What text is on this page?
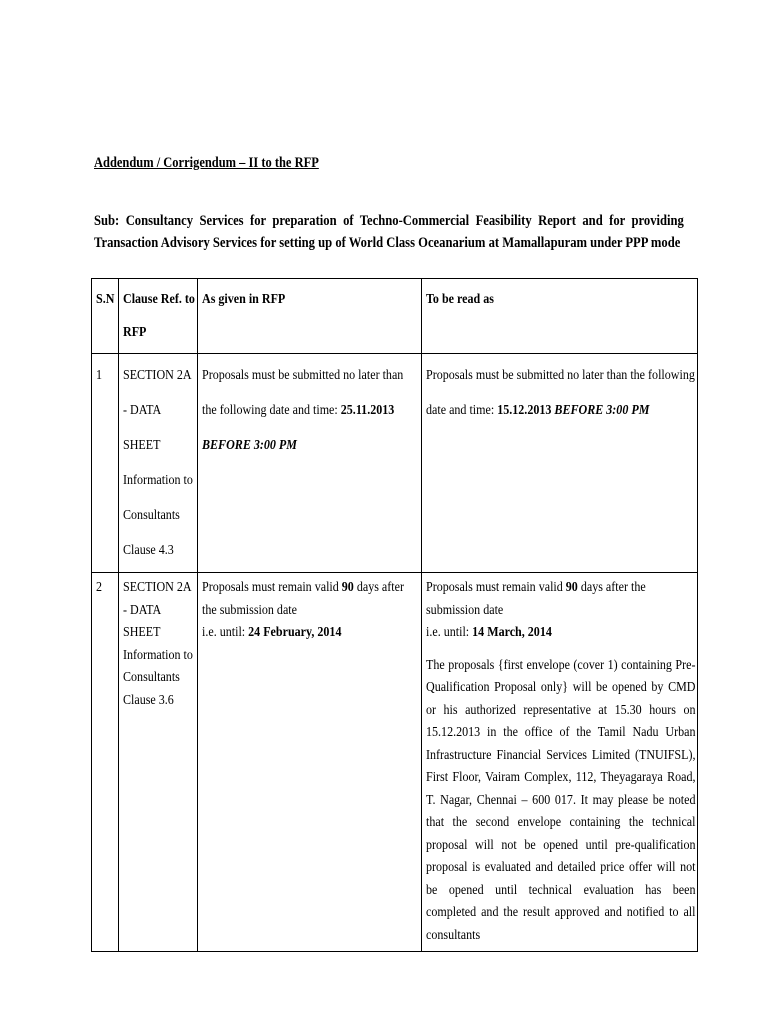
Addendum / Corrigendum – II to the RFP
Sub: Consultancy Services for preparation of Techno-Commercial Feasibility Report and for providing Transaction Advisory Services for setting up of World Class Oceanarium at Mamallapuram under PPP mode
S.N	Clause Ref. to
RFP	As given in RFP	To be read as

1	SECTION 2A - DATA SHEET Information to Consultants Clause 4.3	Proposals must be submitted no later than the following date and time: 25.11.2013 BEFORE 3:00 PM	Proposals must be submitted no later than the following date and time: 15.12.2013 BEFORE 3:00 PM

2	SECTION 2A - DATA SHEET Information to Consultants Clause 3.6	Proposals must remain valid 90 days after the submission date
i.e. until: 24 February, 2014	Proposals must remain valid 90 days after the submission date
i.e. until: 14 March, 2014
The proposals {first envelope (cover 1) containing Pre-Qualification Proposal only} will be opened by CMD or his authorized representative at 15.30 hours on 15.12.2013 in the office of the Tamil Nadu Urban Infrastructure Financial Services Limited (TNUIFSL), First Floor, Vairam Complex, 112, Theyagaraya Road, T. Nagar, Chennai – 600 017. It may please be noted that the second envelope containing the technical proposal will not be opened until pre-qualification proposal is evaluated and detailed price offer will not be opened until technical evaluation has been completed and the result approved and notified to all consultants
